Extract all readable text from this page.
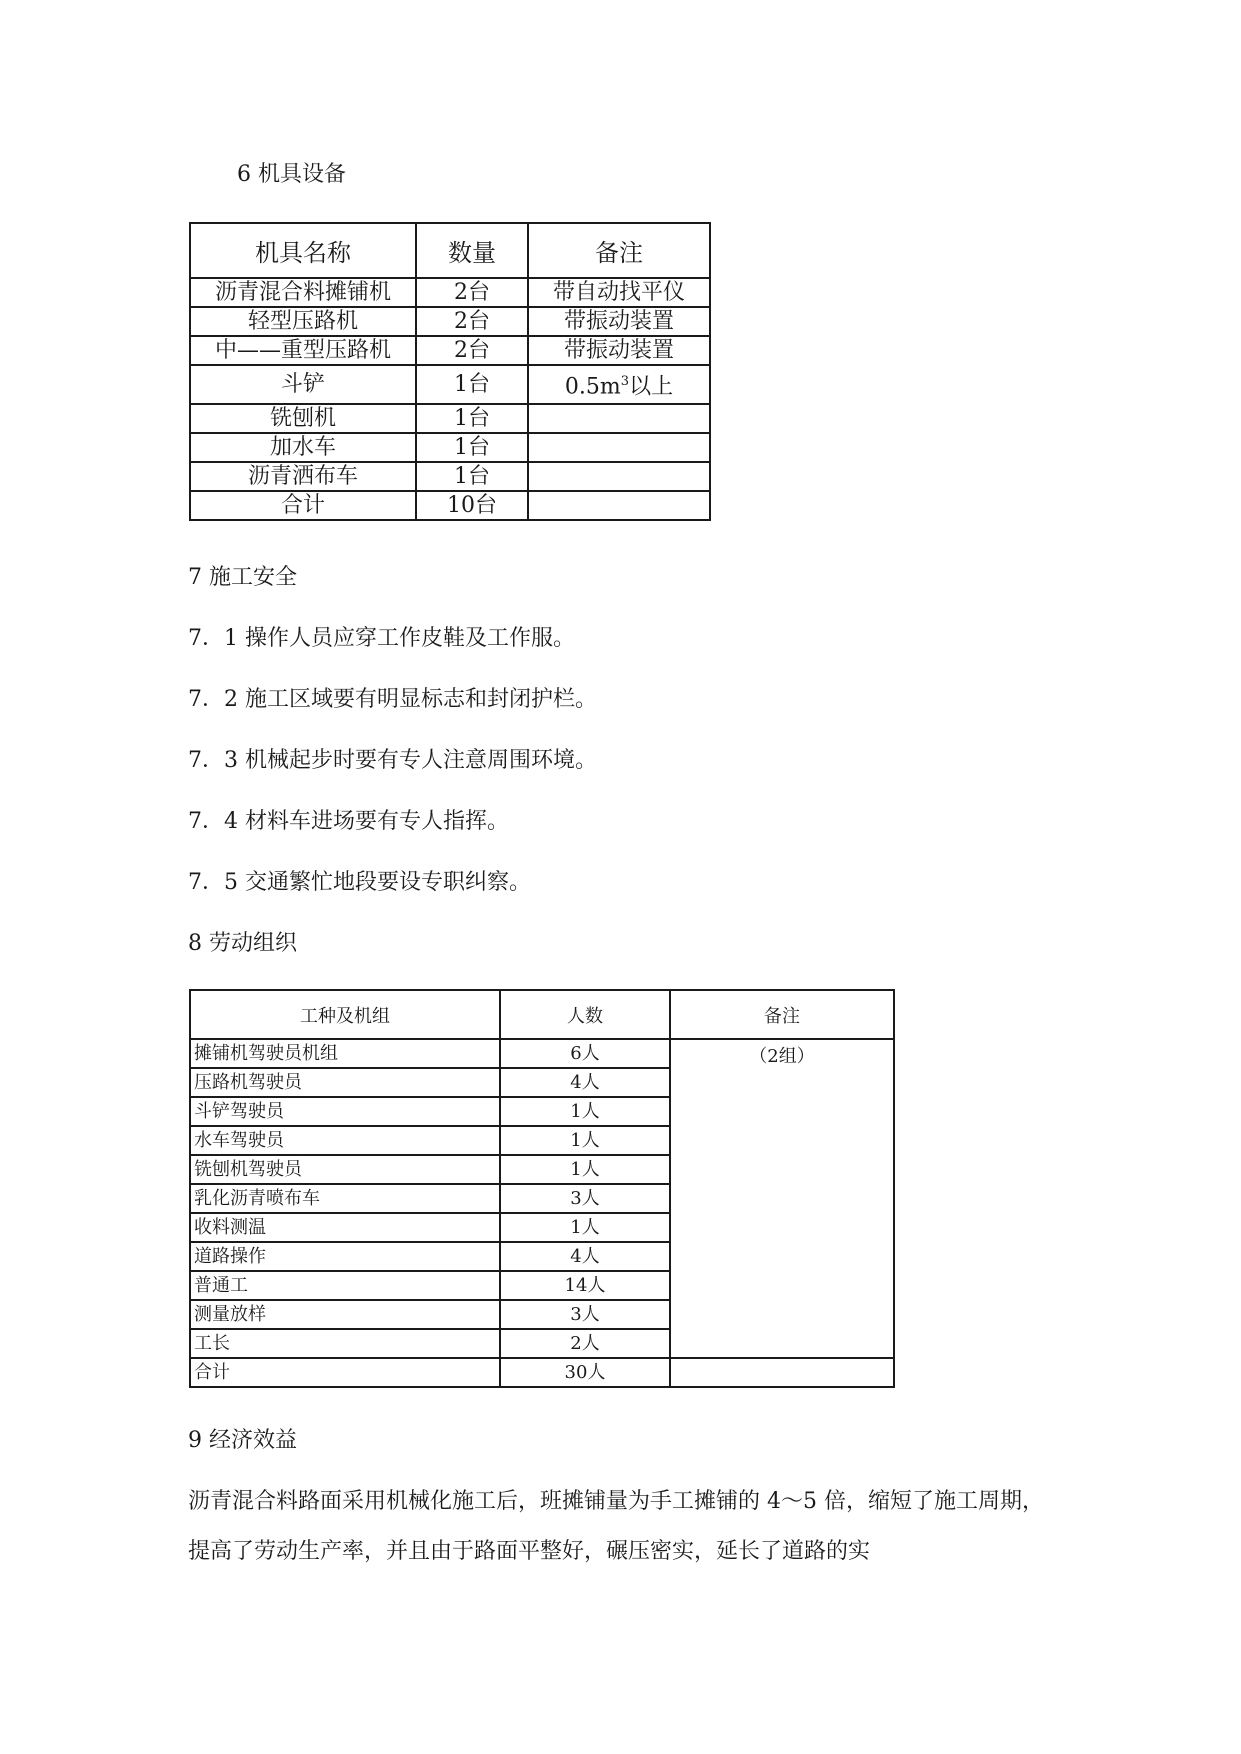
6 机具设备
机具名称	数量	备注
沥青混合料摊铺机	2台	带自动找平仪
轻型压路机	2台	带振动装置
中——重型压路机	2台	带振动装置
斗铲	1台	$0.5m^3$以上
铣刨机	1台	
加水车	1台	
沥青洒布车	1台	
合计	10台	
7 施工安全
7．1 操作人员应穿工作皮鞋及工作服。
7．2 施工区域要有明显标志和封闭护栏。
7．3 机械起步时要有专人注意周围环境。
7．4 材料车进场要有专人指挥。
7．5 交通繁忙地段要设专职纠察。
8 劳动组织
工种及机组	人数	备注
摊铺机驾驶员机组	6人	（2组）
压路机驾驶员	4人	
斗铲驾驶员	1人	
水车驾驶员	1人	
铣刨机驾驶员	1人	
乳化沥青喷布车	3人	
收料测温	1人	
道路操作	4人	
普通工	14人	
测量放样	3人	
工长	2人	
合计	30人	
9 经济效益
沥青混合料路面采用机械化施工后，班摊铺量为手工摊铺的 4～5 倍，缩短了施工周期，提高了劳动生产率，并且由于路面平整好，碾压密实，延长了道路的实
